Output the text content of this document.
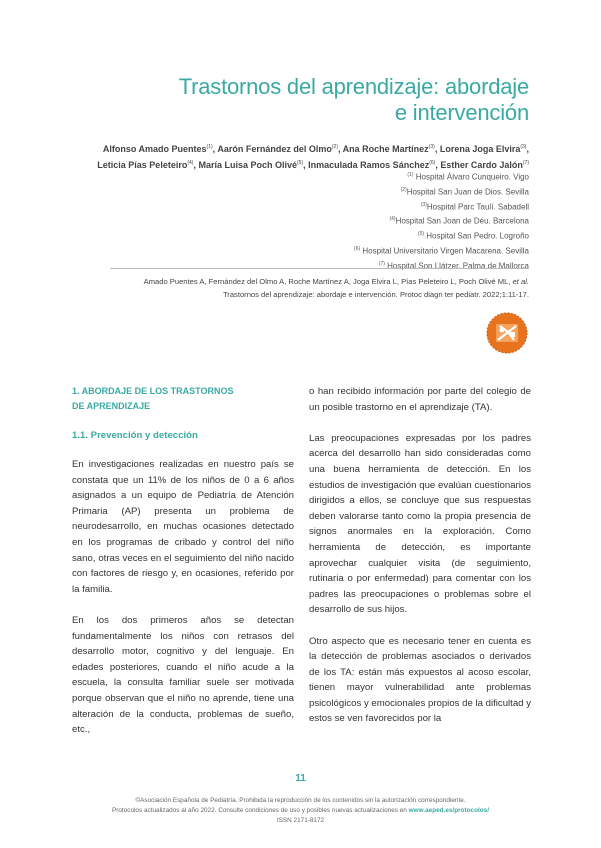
Trastornos del aprendizaje: abordaje
e intervención
Alfonso Amado Puentes$^{(1)}$, Aarón Fernández del Olmo$^{(2)}$, Ana Roche Martínez$^{(3)}$, Lorena Joga Elvira$^{(3)}$,
Leticia Pías Peleteiro$^{(4)}$, María Luisa Poch Olivé$^{(5)}$, Inmaculada Ramos Sánchez$^{(6)}$, Esther Cardo Jalón$^{(7)}$
$^{(1)}$ Hospital Álvaro Cunqueiro. Vigo
$^{(2)}$Hospital San Juan de Dios. Sevilla
$^{(3)}$Hospital Parc Taulí. Sabadell
$^{(4)}$Hospital San Joan de Déu. Barcelona
$^{(5)}$ Hospital San Pedro. Logroño
$^{(6)}$ Hospital Universitario Virgen Macarena. Sevilla
$^{(7)}$ Hospital Son Llátzer. Palma de Mallorca
Amado Puentes A, Fernández del Olmo A, Roche Martínez A, Joga Elvira L, Pías Peleteiro L, Poch Olivé ML, et al.
Trastornos del aprendizaje: abordaje e intervención. Protoc diagn ter pediatr. 2022;1:11-17.
1. ABORDAJE DE LOS TRASTORNOS
DE APRENDIZAJE
1.1. Prevención y detección

En investigaciones realizadas en nuestro país se constata que un 11% de los niños de 0 a 6 años asignados a un equipo de Pediatría de Atención Primaria (AP) presenta un problema de neurodesarrollo, en muchas ocasiones detectado en los programas de cribado y control del niño sano, otras veces en el seguimiento del niño nacido con factores de riesgo y, en ocasiones, referido por la familia.

En los dos primeros años se detectan fundamentalmente los niños con retrasos del desarrollo motor, cognitivo y del lenguaje. En edades posteriores, cuando el niño acude a la escuela, la consulta familiar suele ser motivada porque observan que el niño no aprende, tiene una alteración de la conducta, problemas de sueño, etc.,

o han recibido información por parte del colegio de un posible trastorno en el aprendizaje (TA).

Las preocupaciones expresadas por los padres acerca del desarrollo han sido consideradas como una buena herramienta de detección. En los estudios de investigación que evalúan cuestionarios dirigidos a ellos, se concluye que sus respuestas deben valorarse tanto como la propia presencia de signos anormales en la exploración. Como herramienta de detección, es importante aprovechar cualquier visita (de seguimiento, rutinaria o por enfermedad) para comentar con los padres las preocupaciones o problemas sobre el desarrollo de sus hijos.

Otro aspecto que es necesario tener en cuenta es la detección de problemas asociados o derivados de los TA: están más expuestos al acoso escolar, tienen mayor vulnerabilidad ante problemas psicológicos y emocionales propios de la dificultad y estos se ven favorecidos por la

11
©Asociación Española de Pediatría. Prohibida la reproducción de los contenidos sin la autorización correspondiente.
Protocolos actualizados al año 2022. Consulte condiciones de uso y posibles nuevas actualizaciones en www.aeped.es/protocolos/
ISSN 2171-8172
